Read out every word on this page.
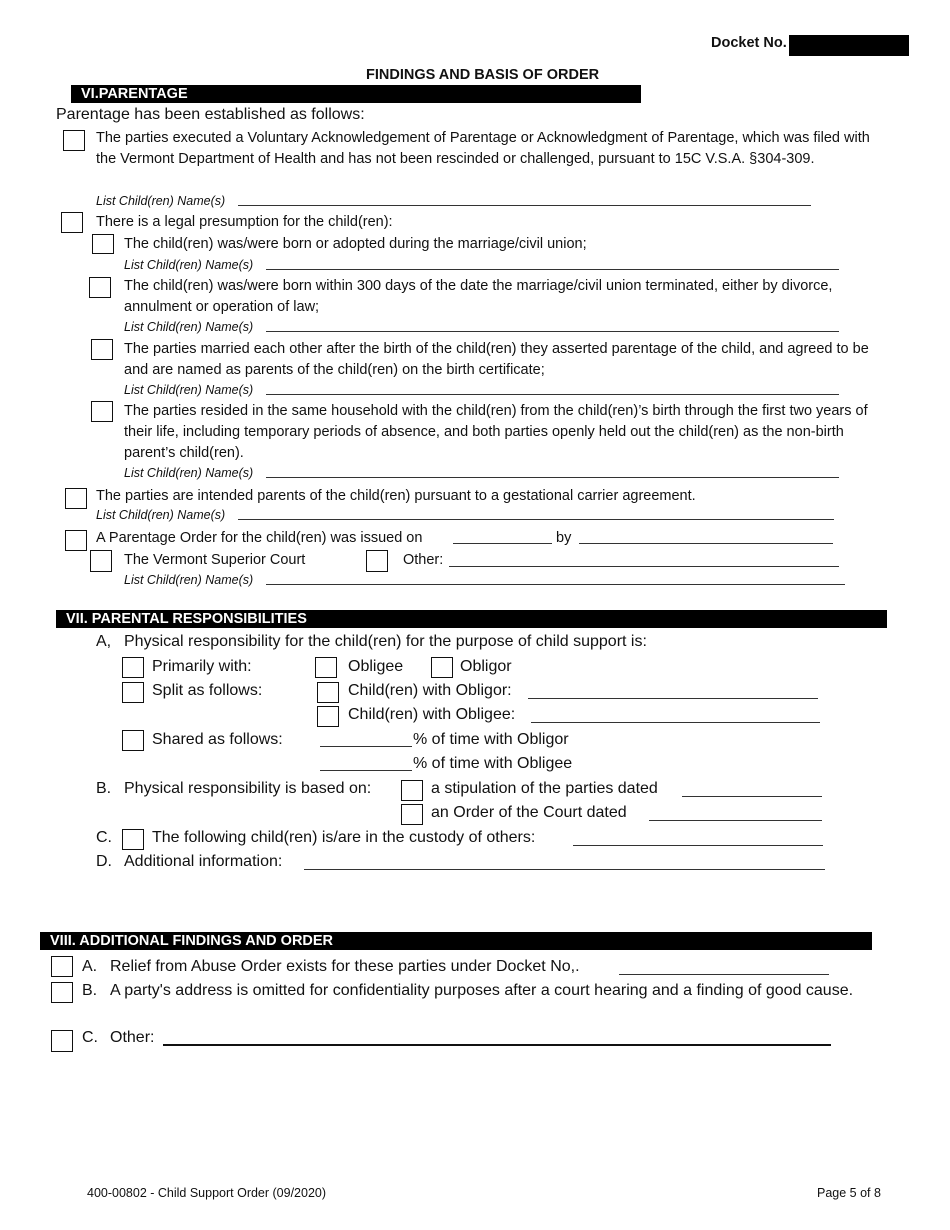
Docket No.
FINDINGS AND BASIS OF ORDER
VI.PARENTAGE
Parentage has been established as follows:
The parties executed a Voluntary Acknowledgement of Parentage or Acknowledgment of Parentage, which was filed with the Vermont Department of Health and has not been rescinded or challenged, pursuant to 15C V.S.A. §304-309.
List Child(ren) Name(s)
There is a legal presumption for the child(ren):
The child(ren) was/were born or adopted during the marriage/civil union;
List Child(ren) Name(s)
The child(ren) was/were born within 300 days of the date the marriage/civil union terminated, either by divorce, annulment or operation of law;
List Child(ren) Name(s)
The parties married each other after the birth of the child(ren) they asserted parentage of the child, and agreed to be and are named as parents of the child(ren) on the birth certificate;
List Child(ren) Name(s)
The parties resided in the same household with the child(ren) from the child(ren)’s birth through the first two years of their life, including temporary periods of absence, and both parties openly held out the child(ren) as the non-birth parent’s child(ren).
List Child(ren) Name(s)
The parties are intended parents of the child(ren) pursuant to a gestational carrier agreement.
List Child(ren) Name(s)
A Parentage Order for the child(ren) was issued on	by
The Vermont Superior Court	Other:
List Child(ren) Name(s)
VII. PARENTAL RESPONSIBILITIES
A, Physical responsibility for the child(ren) for the purpose of child support is:
Primarily with:	Obligee	Obligor
Split as follows:	Child(ren) with Obligor:
Child(ren) with Obligee:
Shared as follows:	% of time with Obligor
% of time with Obligee
B. Physical responsibility is based on:	a stipulation of the parties dated
an Order of the Court dated
C.	The following child(ren) is/are in the custody of others:
D. Additional information:
VIII. ADDITIONAL FINDINGS AND ORDER
A. Relief from Abuse Order exists for these parties under Docket No,.
B. A party's address is omitted for confidentiality purposes after a court hearing and a finding of good cause.
C. Other:
400-00802 - Child Support Order (09/2020)	Page 5 of 8
